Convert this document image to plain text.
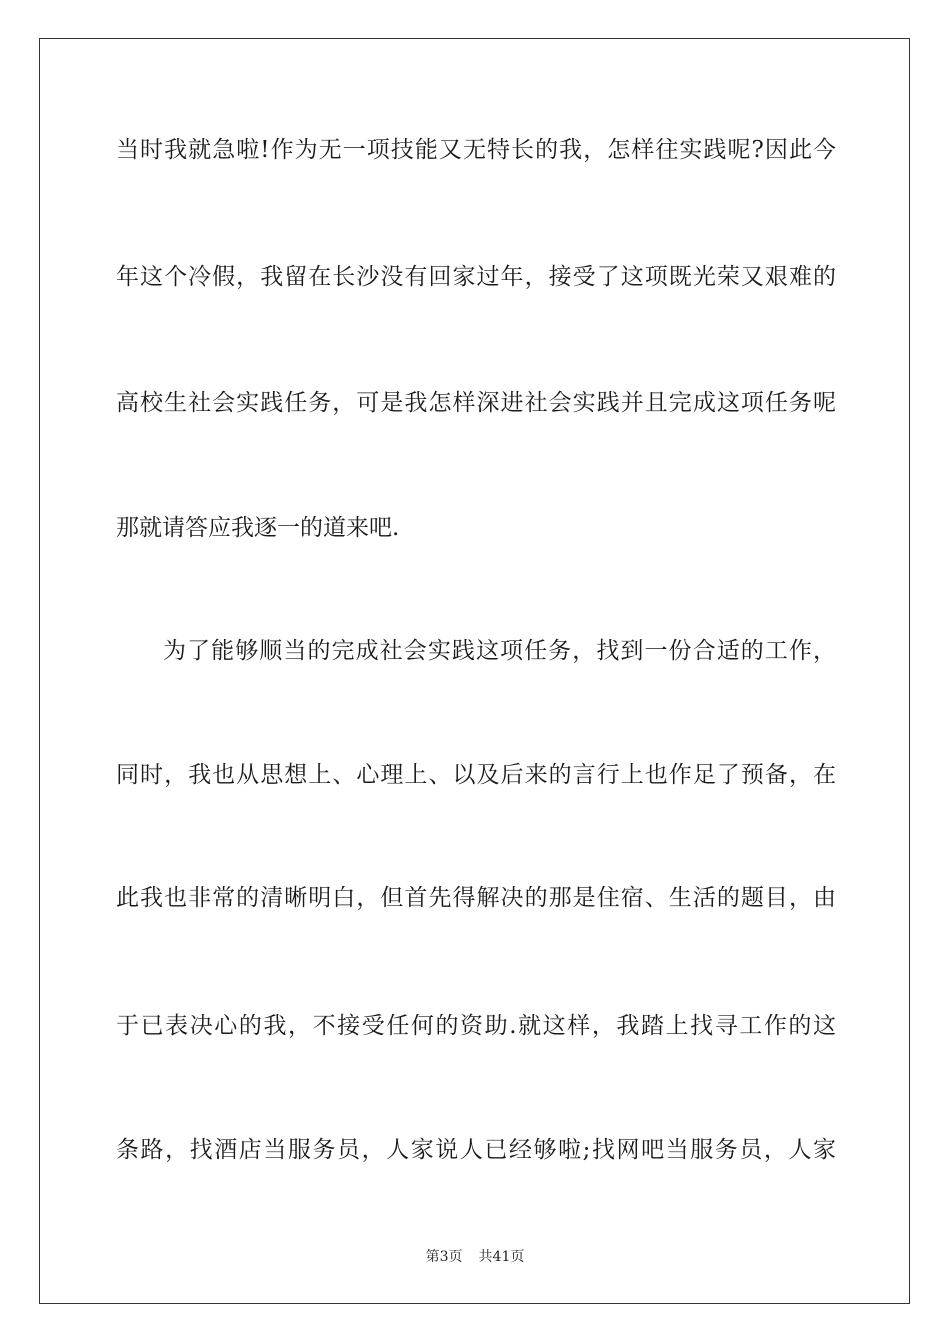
当时我就急啦!作为无一项技能又无特长的我，怎样往实践呢?因此今

年这个冷假，我留在长沙没有回家过年，接受了这项既光荣又艰难的

高校生社会实践任务，可是我怎样深进社会实践并且完成这项任务呢

那就请答应我逐一的道来吧.

为了能够顺当的完成社会实践这项任务，找到一份合适的工作，

同时，我也从思想上、心理上、以及后来的言行上也作足了预备，在

此我也非常的清晰明白，但首先得解决的那是住宿、生活的题目，由

于已表决心的我，不接受任何的资助.就这样，我踏上找寻工作的这

条路，找酒店当服务员，人家说人已经够啦;找网吧当服务员，人家

第3页 共41页
